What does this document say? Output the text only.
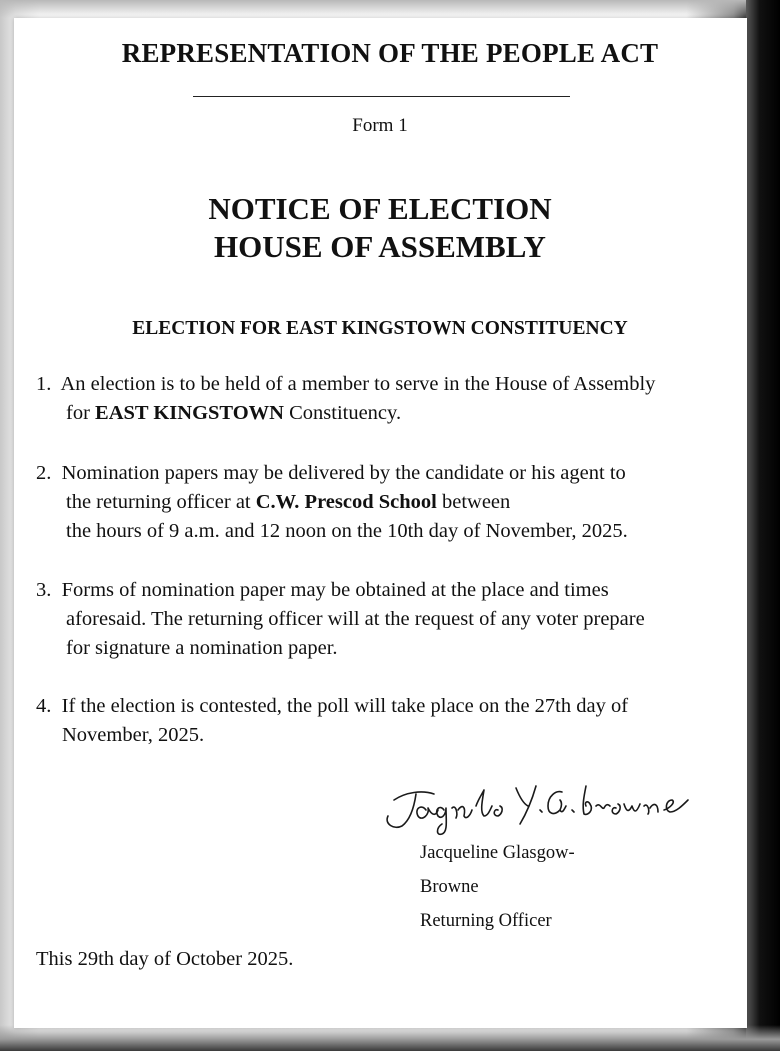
REPRESENTATION OF THE PEOPLE ACT
Form 1
NOTICE OF ELECTION
HOUSE OF ASSEMBLY
ELECTION FOR EAST KINGSTOWN CONSTITUENCY
1. An election is to be held of a member to serve in the House of Assembly
for EAST KINGSTOWN Constituency.
2. Nomination papers may be delivered by the candidate or his agent to
the returning officer at C.W. Prescod School between
the hours of 9 a.m. and 12 noon on the 10th day of November, 2025.
3. Forms of nomination paper may be obtained at the place and times
aforesaid. The returning officer will at the request of any voter prepare
for signature a nomination paper.
4. If the election is contested, the poll will take place on the 27th day of
November, 2025.
Jacqueline Glasgow-
Browne
Returning Officer
This 29th day of October 2025.
